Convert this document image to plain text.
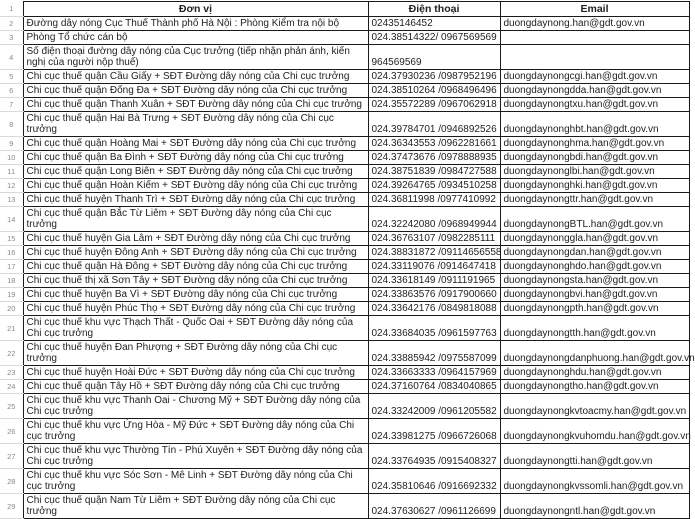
1	Đơn vị	Điện thoại	Email
2	Đường dây nóng Cục Thuế Thành phố Hà Nội : Phòng Kiểm tra nội bộ	02435146452	duongdaynong.han@gdt.gov.vn
3	Phòng Tổ chức cán bộ	024.38514322/ 0967569569	
4	Số điện thoại đường dây nóng của Cục trưởng (tiếp nhận phản ánh, kiến nghị của người nộp thuế)	964569569	
5	Chi cục thuế quận Cầu Giấy + SĐT Đường dây nóng của Chi cục trưởng	024.37930236 /0987952196	duongdaynongcgi.han@gdt.gov.vn
6	Chi cục thuế quận Đống Đa + SĐT Đường dây nóng của Chi cục trưởng	024.38510264 /0968496496	duongdaynongdda.han@gdt.gov.vn
7	Chi cục thuế quận Thanh Xuân + SĐT Đường dây nóng của Chi cục trưởng	024.35572289 /0967062918	duongdaynongtxu.han@gdt.gov.vn
8	Chi cục thuế quận Hai Bà Trưng + SĐT Đường dây nóng của Chi cục trưởng	024.39784701 /0946892526	duongdaynonghbt.han@gdt.gov.vn
9	Chi cục thuế quận Hoàng Mai + SĐT Đường dây nóng của Chi cục trưởng	024.36343553 /0962281661	duongdaynonghma.han@gdt.gov.vn
10	Chi cục thuế quận Ba Đình + SĐT Đường dây nóng của Chi cục trưởng	024.37473676 /0978888935	duongdaynongbdi.han@gdt.gov.vn
11	Chi cục thuế quận Long Biên + SĐT Đường dây nóng của Chi cục trưởng	024.38751839 /0984727588	duongdaynonglbi.han@gdt.gov.vn
12	Chi cục thuế quận Hoàn Kiếm + SĐT Đường dây nóng của Chi cục trưởng	024.39264765 /0934510258	duongdaynonghki.han@gdt.gov.vn
13	Chi cục thuế huyện Thanh Trì + SĐT Đường dây nóng của Chi cục trưởng	024.36811998 /0977410992	duongdaynongttr.han@gdt.gov.vn
14	Chi cục thuế quận Bắc Từ Liêm + SĐT Đường dây nóng của Chi cục trưởng	024.32242080 /0968949944	duongdaynongBTL.han@gdt.gov.vn
15	Chi cục thuế huyện Gia Lâm + SĐT Đường dây nóng của Chi cục trưởng	024.36763107 /0982285111	duongdaynonggla.han@gdt.gov.vn
16	Chi cục thuế huyện Đông Anh + SĐT Đường dây nóng của Chi cục trưởng	024.38831872 /09114656558	duongdaynongdan.han@gdt.gov.vn
17	Chi cục thuế quận Hà Đông + SĐT Đường dây nóng của Chi cục trưởng	024.33119076 /0914647418	duongdaynonghdo.han@gdt.gov.vn
18	Chi cục thuế thị xã Sơn Tây + SĐT Đường dây nóng của Chi cục trưởng	024.33618149 /0911191965	duongdaynongsta.han@gdt.gov.vn
19	Chi cục thuế huyện Ba Vì + SĐT Đường dây nóng của Chi cục trưởng	024.33863576 /0917900660	duongdaynongbvi.han@gdt.gov.vn
20	Chi cục thuế huyện Phúc Thọ + SĐT Đường dây nóng của Chi cục trưởng	024.33642176 /0849818088	duongdaynongpth.han@gdt.gov.vn
21	Chi cục thuế khu vực Thạch Thất - Quốc Oai + SĐT Đường dây nóng của Chi cục trưởng	024.33684035 /0961597763	duongdaynongtth.han@gdt.gov.vn
22	Chi cục thuế huyện Đan Phượng + SĐT Đường dây nóng của Chi cục trưởng	024.33885942 /0975587099	duongdaynongdanphuong.han@gdt.gov.vn
23	Chi cục thuế huyện Hoài Đức + SĐT Đường dây nóng của Chi cục trưởng	024.33663333 /0964157969	duongdaynonghdu.han@gdt.gov.vn
24	Chi cục thuế quận Tây Hồ + SĐT Đường dây nóng của Chi cục trưởng	024.37160764 /0834040865	duongdaynongtho.han@gdt.gov.vn
25	Chi cục thuế khu vực Thanh Oai - Chương Mỹ + SĐT Đường dây nóng của Chi cục trưởng	024.33242009 /0961205582	duongdaynongkvtoacmy.han@gdt.gov.vn
26	Chi cục thuế khu vực Ứng Hòa - Mỹ Đức + SĐT Đường dây nóng của Chi cục trưởng	024.33981275 /0966726068	duongdaynongkvuhomdu.han@gdt.gov.vn
27	Chi cục thuế khu vực Thường Tín - Phú Xuyên + SĐT Đường dây nóng của Chi cục trưởng	024.33764935 /0915408327	duongdaynongtti.han@gdt.gov.vn
28	Chi cục thuế khu vực Sóc Sơn - Mê Linh + SĐT Đường dây nóng của Chi cục trưởng	024.35810646 /0916692332	duongdaynongkvssomli.han@gdt.gov.vn
29	Chi cục thuế quận Nam Từ Liêm + SĐT Đường dây nóng của Chi cục trưởng	024.37630627 /0961126699	duongdaynongntl.han@gdt.gov.vn
